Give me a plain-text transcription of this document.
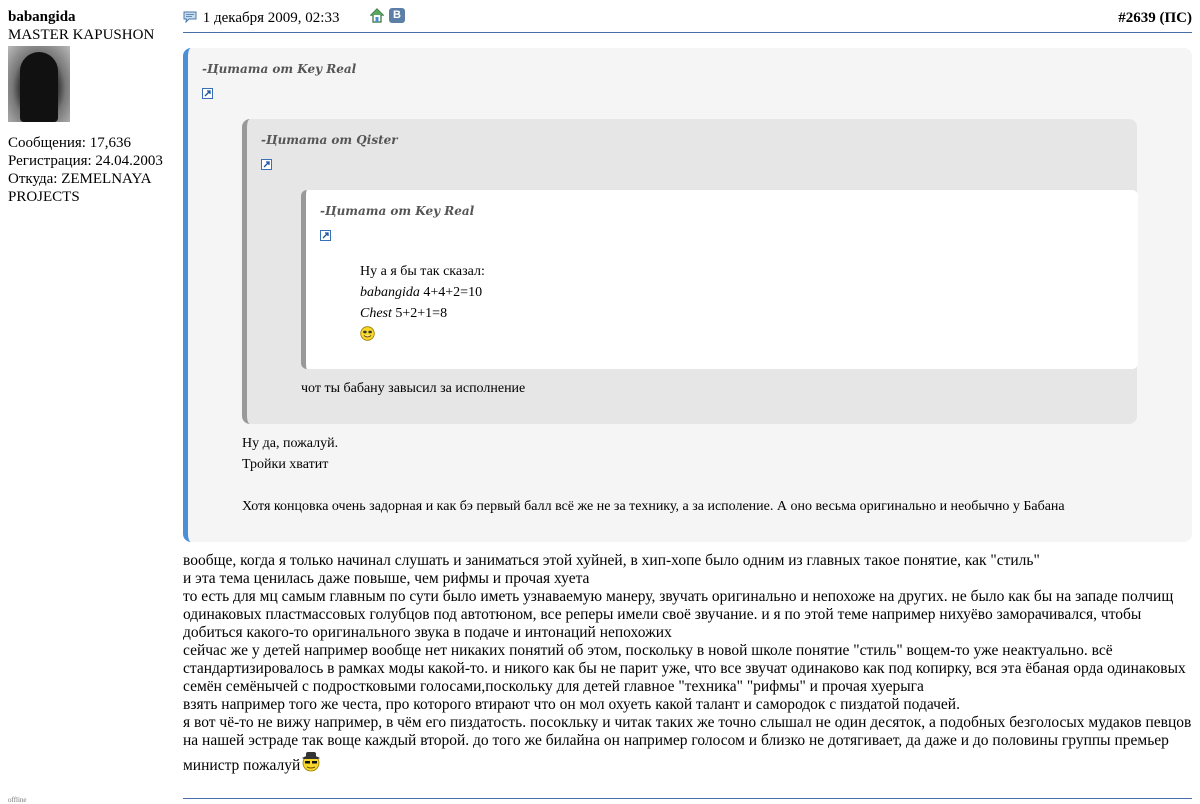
babangida
MASTER KAPUSHON
Сообщения: 17,636
Регистрация: 24.04.2003
Откуда: ZEMELNAYA PROJECTS
offline
1 декабря 2009, 02:33	B	#2639 (ПС)
-Цитата от Key Real
-Цитата от Qister
-Цитата от Key Real
Ну а я бы так сказал:
babangida 4+4+2=10
Chest 5+2+1=8
чот ты бабану завысил за исполнение
Ну да, пожалуй.
Тройки хватит
Хотя концовка очень задорная и как бэ первый балл всё же не за технику, а за исполение. А оно весьма оригинально и необычно у Бабана

вообще, когда я только начинал слушать и заниматься этой хуйней, в хип-хопе было одним из главных такое понятие, как "стиль"

и эта тема ценилась даже повыше, чем рифмы и прочая хуета

то есть для мц самым главным по сути было иметь узнаваемую манеру, звучать оригинально и непохоже на других. не было как бы на западе полчищ одинаковых пластмассовых голубцов под автотюном, все реперы имели своё звучание. и я по этой теме например нихуёво заморачивался, чтобы добиться какого-то оригинального звука в подаче и интонаций непохожих

сейчас же у детей например вообще нет никаких понятий об этом, поскольку в новой школе понятие "стиль" вощем-то уже неактуально. всё стандартизировалось в рамках моды какой-то. и никого как бы не парит уже, что все звучат одинаково как под копирку, вся эта ёбаная орда одинаковых семён семёнычей с подростковыми голосами,поскольку для детей главное "техника" "рифмы" и прочая хуерыга

взять например того же честа, про которого втирают что он мол охуеть какой талант и самородок с пиздатой подачей.

я вот чё-то не вижу например, в чём его пиздатость. посокльку и читак таких же точно слышал не один десяток, а подобных безголосых мудаков певцов на нашей эстраде так воще каждый второй. до того же билайна он например голосом и близко не дотягивает, да даже и до половины группы премьер министр пожалуй
